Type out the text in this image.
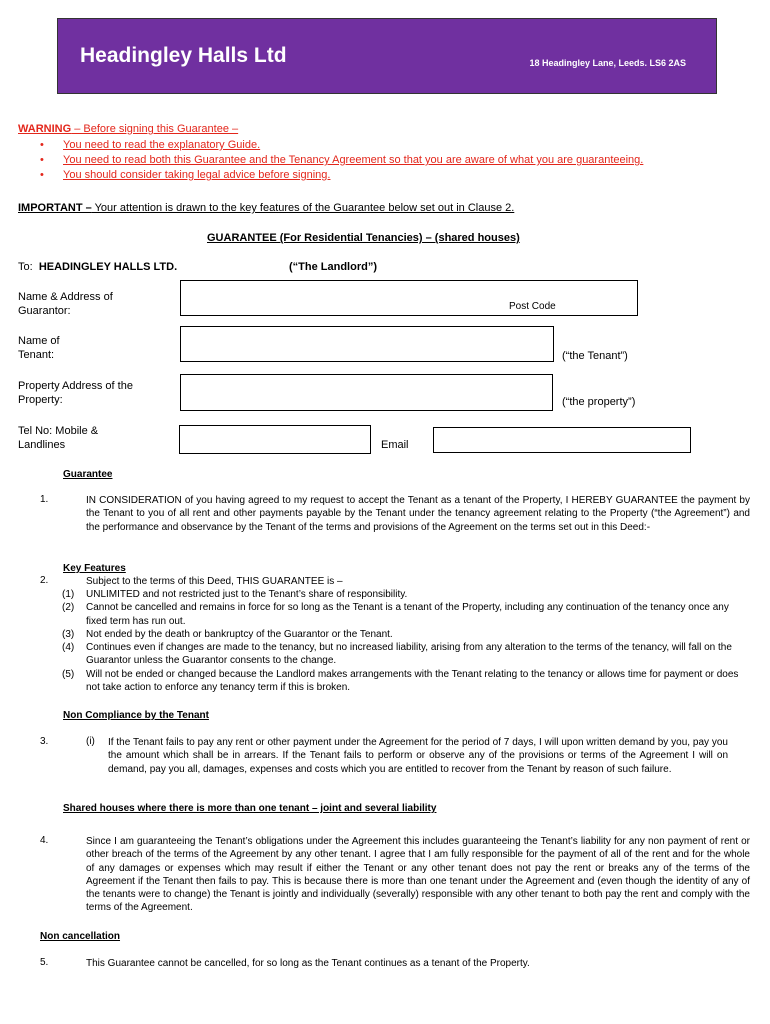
Headingley Halls Ltd	18 Headingley Lane, Leeds. LS6 2AS
WARNING – Before signing this Guarantee –
• You need to read the explanatory Guide.
• You need to read both this Guarantee and the Tenancy Agreement so that you are aware of what you are guaranteeing.
• You should consider taking legal advice before signing.
IMPORTANT – Your attention is drawn to the key features of the Guarantee below set out in Clause 2.
GUARANTEE (For Residential Tenancies) – (shared houses)
To: HEADINGLEY HALLS LTD.	(“The Landlord”)
Name & Address of
Guarantor:	Post Code
Name of
Tenant:	(“the Tenant”)
Property Address of the
Property:	(“the property”)
Tel No: Mobile &
Landlines	Email
Guarantee
1.	IN CONSIDERATION of you having agreed to my request to accept the Tenant as a tenant of the Property, I HEREBY GUARANTEE the payment by the Tenant to you of all rent and other payments payable by the Tenant under the tenancy agreement relating to the Property (“the Agreement”) and the performance and observance by the Tenant of the terms and provisions of the Agreement on the terms set out in this Deed:-
Key Features
2.	Subject to the terms of this Deed, THIS GUARANTEE is –
(1) UNLIMITED and not restricted just to the Tenant’s share of responsibility.
(2) Cannot be cancelled and remains in force for so long as the Tenant is a tenant of the Property, including any continuation of the tenancy once any fixed term has run out.
(3) Not ended by the death or bankruptcy of the Guarantor or the Tenant.
(4) Continues even if changes are made to the tenancy, but no increased liability, arising from any alteration to the terms of the tenancy, will fall on the Guarantor unless the Guarantor consents to the change.
(5) Will not be ended or changed because the Landlord makes arrangements with the Tenant relating to the tenancy or allows time for payment or does not take action to enforce any tenancy term if this is broken.
Non Compliance by the Tenant
3.	(i) If the Tenant fails to pay any rent or other payment under the Agreement for the period of 7 days, I will upon written demand by you, pay you the amount which shall be in arrears. If the Tenant fails to perform or observe any of the provisions or terms of the Agreement I will on demand, pay you all, damages, expenses and costs which you are entitled to recover from the Tenant by reason of such failure.
Shared houses where there is more than one tenant – joint and several liability
4.	Since I am guaranteeing the Tenant’s obligations under the Agreement this includes guaranteeing the Tenant’s liability for any non payment of rent or other breach of the terms of the Agreement by any other tenant. I agree that I am fully responsible for the payment of all of the rent and for the whole of any damages or expenses which may result if either the Tenant or any other tenant does not pay the rent or breaks any of the terms of the Agreement if the Tenant then fails to pay. This is because there is more than one tenant under the Agreement and (even though the identity of any of the tenants were to change) the Tenant is jointly and individually (severally) responsible with any other tenant to both pay the rent and comply with the terms of the Agreement.
Non cancellation
5.	This Guarantee cannot be cancelled, for so long as the Tenant continues as a tenant of the Property.
